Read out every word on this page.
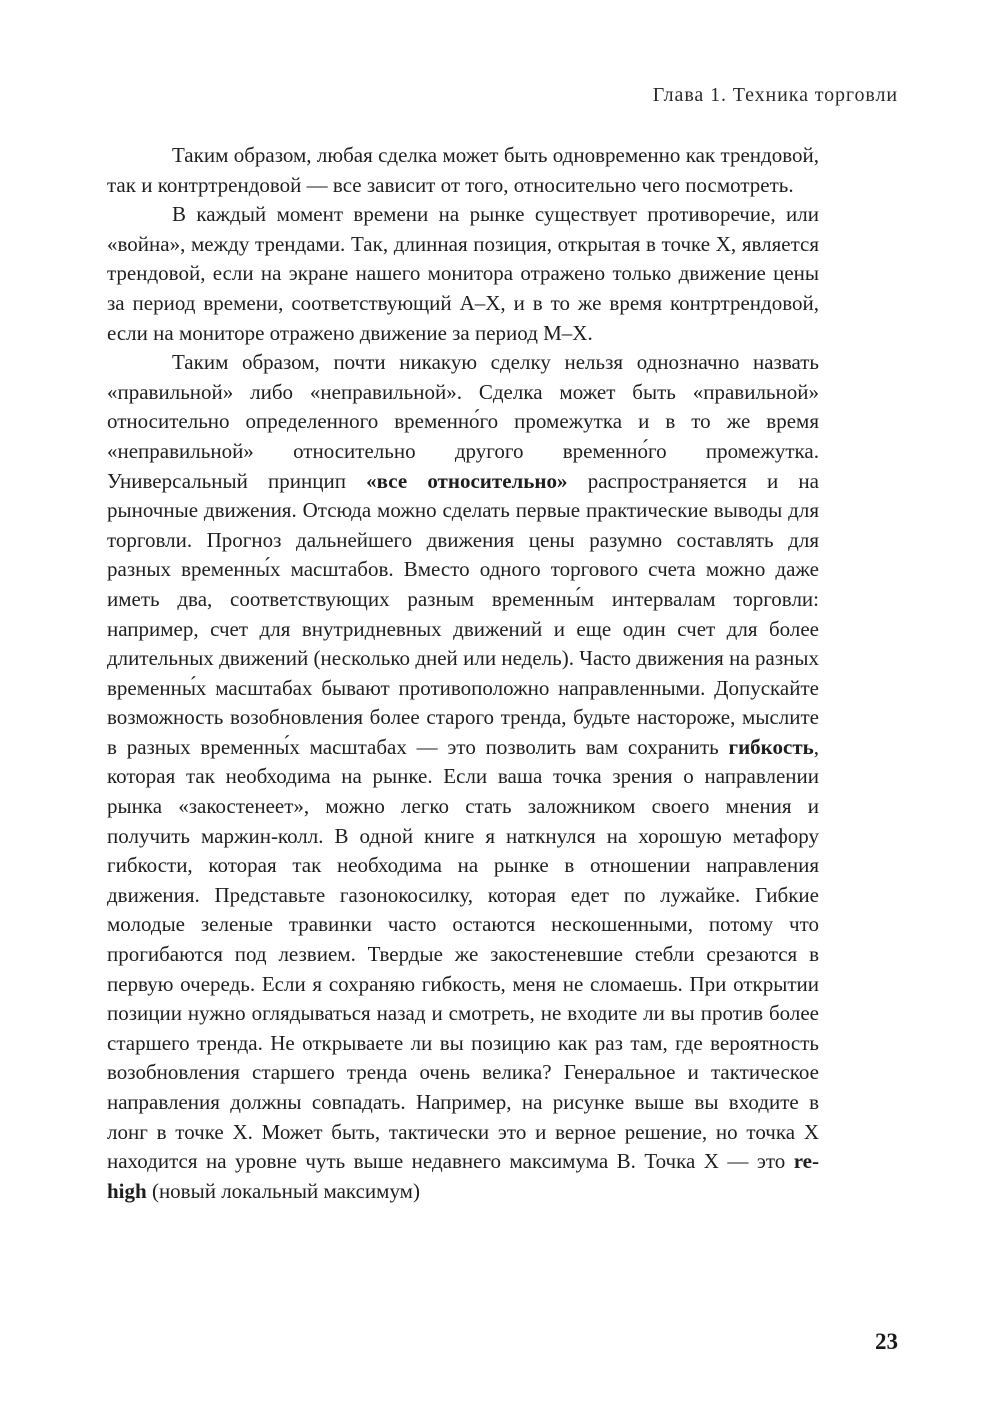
Глава 1. Техника торговли

Таким образом, любая сделка может быть одновременно как трендовой, так и контртрендовой — все зависит от того, относительно чего посмотреть.

В каждый момент времени на рынке существует противоречие, или «война», между трендами. Так, длинная позиция, открытая в точке X, является трендовой, если на экране нашего монитора отражено только движение цены за период времени, соответствующий A–X, и в то же время контртрендовой, если на мониторе отражено движение за период M–X.

Таким образом, почти никакую сделку нельзя однозначно назвать «правильной» либо «неправильной». Сделка может быть «правильной» относительно определенного временно́го промежутка и в то же время «неправильной» относительно другого временно́го промежутка. Универсальный принцип «все относительно» распространяется и на рыночные движения. Отсюда можно сделать первые практические выводы для торговли. Прогноз дальнейшего движения цены разумно составлять для разных временны́х масштабов. Вместо одного торгового счета можно даже иметь два, соответствующих разным временны́м интервалам торговли: например, счет для внутридневных движений и еще один счет для более длительных движений (несколько дней или недель). Часто движения на разных временны́х масштабах бывают противоположно направленными. Допускайте возможность возобновления более старого тренда, будьте настороже, мыслите в разных временны́х масштабах — это позволить вам сохранить гибкость, которая так необходима на рынке. Если ваша точка зрения о направлении рынка «закостенеет», можно легко стать заложником своего мнения и получить маржин-колл. В одной книге я наткнулся на хорошую метафору гибкости, которая так необходима на рынке в отношении направления движения. Представьте газонокосилку, которая едет по лужайке. Гибкие молодые зеленые травинки часто остаются нескошенными, потому что прогибаются под лезвием. Твердые же закостеневшие стебли срезаются в первую очередь. Если я сохраняю гибкость, меня не сломаешь. При открытии позиции нужно оглядываться назад и смотреть, не входите ли вы против более старшего тренда. Не открываете ли вы позицию как раз там, где вероятность возобновления старшего тренда очень велика? Генеральное и тактическое направления должны совпадать. Например, на рисунке выше вы входите в лонг в точке X. Может быть, тактически это и верное решение, но точка X находится на уровне чуть выше недавнего максимума B. Точка X — это re-high (новый локальный максимум)

23
